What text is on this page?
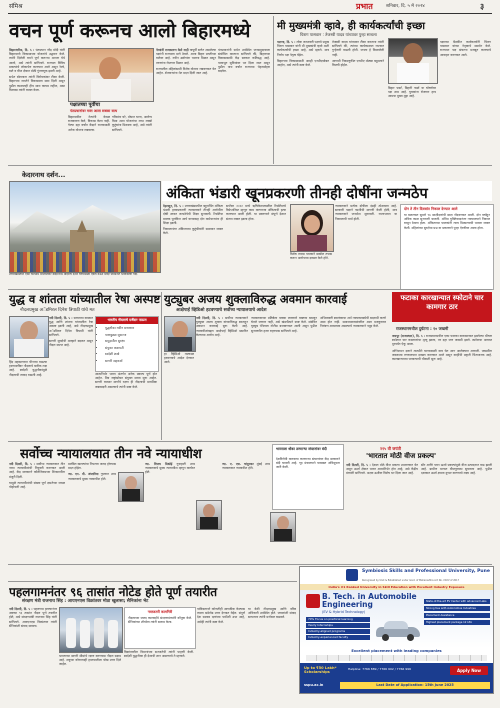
संमिश्र	प्रभात	शनिवार, दि. ५ मे २०२४	३
वचन पूर्ण करूनच आलो बिहारमध्ये

बिहारशरीफ, दि. ५ : पंतप्रधान नरेंद्र मोदी यांनी बिहारमध्ये विकासाच्या योजनांचे उद्घाटन केले. त्यांनी दिलेली वचने पूर्ण करूनच आपण येथे आलो, असे त्यांनी सांगितले. राज्यात विविध प्रकल्पांचे लोकार्पण करण्यात आले असून रेल्वे, रस्ते व वीज क्षेत्रात मोठी गुंतवणूक झाली आहे.

सभेत बोलताना त्यांनी विरोधकांवर टीका केली. बिहारच्या जनतेने विकासाला साथ दिली असून पुढील काळातही हीच साथ कायम राहील, असा विश्वास त्यांनी व्यक्त केला.

पक्षातच्या पूर्वीचा
पंतप्रधानांवर मस्त आला सबका साथ

बिहारमधील नेत्यांनी केवळ राजकारण केले, विकास केला नाही. गेल्या दहा वर्षांत केंद्राने राज्यासाठी अनेक योजना राबवल्या.

गरिबांना घरे, मोफत धान्य, आरोग्य विमा अशा योजनांचा लाभ लाखो कुटुंबांना मिळाला आहे, असे त्यांनी सांगितले.

नेत्यांनी राजकारण केले नाही यापूर्वी सत्तेत असलेल्या पक्षांनी राज्याला मागे ठेवले. आता बिहार प्रगतीच्या वाटेवर आहे. नवीन उद्योगांना चालना मिळत असून तरुणांना रोजगार मिळत आहे.

राज्यातील महिलांसाठी विशेष योजना राबवण्यात येत आहेत. शेतकऱ्यांना थेट मदत दिली जात आहे.

पंतप्रधानांनी सभेत उपस्थित जनसमुदायाला संबोधित करताना सांगितले की, बिहारच्या विकासासाठी केंद्र सरकार कटिबद्ध आहे. पायाभूत सुविधांवर भर दिला जात असून पुढील पाच वर्षांत राज्याचा चेहरामोहरा बदलेल.

मी मुख्यमंत्री व्हावे, ही कार्यकर्त्यांची इच्छा
चिराग पासवान : तेजस्वी यादव यांच्यावर पुन्हा साधला

पाटणा, दि. ५ : लोक जनशक्ती पक्षाचे प्रमुख चिराग पासवान यांनी मी मुख्यमंत्री व्हावे अशी कार्यकर्त्यांची इच्छा आहे, असे म्हटले. मात्र निर्णय पक्ष नेतृत्व घेईल.

बिहारच्या विकासासाठी आम्ही एनडीएसोबत आहोत, असे त्यांनी स्पष्ट केले.

तेजस्वी यादव यांच्यावर टीका करताना त्यांनी सांगितले की, त्यांच्या कार्यकाळात राज्यात गुन्हेगारी वाढली होती. जनता हे विसरलेली नाही.

आगामी निवडणुकीत एनडीए मोठ्या बहुमताने विजयी होईल.

पक्षाच्या बैठकीत कार्यकर्त्यांनी चिराग पासवान यांच्या नेतृत्वाचे समर्थन केले. राज्यभर पक्ष संघटना मजबूत करण्याचे आवाहन करण्यात आले.

बिहार फर्स्ट, बिहारी फर्स्ट या घोषणेवर पक्ष ठाम आहे. युवकांना रोजगार हाच आमचा मुख्य मुद्दा आहे.

केदारनाथ दर्शन...
उत्तराखंडातील एका चारधाम शिलाजीवर केदारनाथ मंदिराचे दर्शन घेण्यासाठी एकत्र येऊन मंदिर परिसरात भाविकांची गर्दी.
अंकिता भंडारी खूनप्रकरणी तीनही दोषींना जन्मठेप

देहरादून, दि. ५ : उत्तराखंडमधील बहुचर्चित अंकिता भंडारी हत्याप्रकरणी न्यायालयाने तीनही आरोपींना दोषी ठरवत जन्मठेपेची शिक्षा सुनावली. रिसॉर्टचा मालक पुलकित आर्य याच्यासह दोन कर्मचाऱ्यांना ही शिक्षा झाली.

निकालानंतर अंकिताच्या कुटुंबीयांनी समाधान व्यक्त केले.

सप्टेंबर २०२२ मध्ये ऋषिकेशजवळील रिसॉर्टमध्ये रिसेप्शनिस्ट म्हणून काम करणाऱ्या अंकिताची हत्या करण्यात आली होती. या प्रकरणाने संपूर्ण देशात संताप व्यक्त झाला होता.

विशेष तपास पथकाने सखोल तपास करून आरोपपत्र दाखल केले होते.

न्यायालयाने प्रत्येक दोषीला दंडही ठोठावला आहे. सरकारी पक्षाने फाशीची मागणी केली होती, मात्र न्यायालयाने जन्मठेप सुनावली. राज्यभरात या निकालाची चर्चा होती.

दोन ते तीन दिवसांत निकाल देण्यात आले

या खटल्यात सुमारे ९७ साक्षीदारांची साक्ष नोंदवण्यात आली. दोन वर्षांहून अधिक काळ सुनावणी चालली. अंतिम युक्तिवादानंतर न्यायालयाने निकाल राखून ठेवला होता. अंकिताच्या पालकांनी न्याय मिळाल्याची भावना व्यक्त केली. महिलांच्या सुरक्षेचा प्रश्न या प्रकरणाने पुन्हा ऐरणीवर आला होता.

युद्ध व शांतता यांच्यातील रेषा अस्पष्ट
नौदलप्रमुख अॅडमिरल दिनेश त्रिपाठी यांचे मत

नवी दिल्ली, दि. ५ : सध्याच्या काळात युद्ध आणि शांतता यांच्यातील रेषा अस्पष्ट झाली आहे, असे नौदलप्रमुख अॅडमिरल दिनेश त्रिपाठी यांनी सांगितले.

सागरी सुरक्षेची आव्हाने बदलत असून नौदल सज्ज आहे.

भारतीय नौदलाचे दर्जेदार पाऊल
• युद्धनौका नवीन बनवणार
• पाणबुड्या सुसज्ज
• समुद्रातील सुरक्षा
• संयुक्त कवायती
• स्वदेशी शस्त्रे
• सागरी सहकार्य

हिंद महासागरात चीनच्या वाढत्या हालचालींवर नौदलाचे बारीक लक्ष आहे. स्वदेशी युद्धनौकांमुळे नौदलाची ताकद वाढली आहे.	आत्मनिर्भर भारत अंतर्गत अनेक प्रकल्प पूर्ण होत आहेत. मित्र राष्ट्रांसोबत संयुक्त सराव सुरू आहेत. सागरी व्यापार मार्गांचे रक्षण ही नौदलाची प्राथमिक जबाबदारी असल्याचे त्यांनी स्पष्ट केले.

युट्युबर अजय शुक्लाविरुद्ध अवमान कारवाई
आक्षेपार्ह व्हिडिओ हटवण्याचे सर्वोच्च न्यायालयाचे आदेश

नवी दिल्ली, दि. ५ : सर्वोच्च न्यायालयाने युट्युबर अजय शुक्ला यांच्याविरुद्ध स्वतःहून अवमान कारवाई सुरू केली आहे. न्यायाधीशांबद्दल आक्षेपार्ह व्हिडिओ प्रसारित केल्याचा आरोप आहे.

हा व्हिडिओ तात्काळ हटवण्याचे आदेश देण्यात आले.

न्यायालयाच्या प्रतिष्ठेला धक्का लावणारे वक्तव्य खपवून घेतले जाणार नाही, असे खंडपीठाने स्पष्ट केले. संबंधित यूट्युब चॅनेलला नोटीस बजावण्यात आली असून पुढील सुनावणीत हजर राहण्यास सांगितले आहे.

अभिव्यक्ती स्वातंत्र्याचा अर्थ न्यायव्यवस्थेची बदनामी करणे असा होत नाही. समाजमाध्यमांवरील अशा मजकुरावर नियंत्रण आवश्यक असल्याचे न्यायालयाने नमूद केले.

फटाका कारखान्यात स्फोटाने चार कामगार ठार
राजस्थानमधील दुर्घटना : १० जखमी

जयपूर (राजस्थान), दि. ५ : राजस्थानमधील एका फटाका कारखान्यात झालेल्या भीषण स्फोटात चार कामगारांचा मृत्यू झाला, तर दहा जण जखमी झाले. स्फोटाचा आवाज दूरपर्यंत ऐकू आला.

अग्निशमन दलाने तातडीने घटनास्थळी धाव घेत आग आटोक्यात आणली. जखमींना जवळच्या रुग्णालयात दाखल करण्यात आले असून काहींची प्रकृती चिंताजनक आहे. कारखान्याच्या परवान्याची चौकशी सुरू आहे.

सर्वोच्च न्यायालयात तीन नवे न्यायाधीश

नवी दिल्ली, दि. ५ : सर्वोच्च न्यायालयात तीन नव्या न्यायाधीशांची नियुक्ती करण्यात आली आहे. केंद्र सरकारने कॉलेजियमच्या शिफारशींना मंजुरी दिली.

यामुळे न्यायाधीशांची संख्या पूर्ण क्षमतेच्या जवळ पोहोचली आहे.

प्रलंबित खटल्यांचा निपटारा जलद होण्यास मदत होईल.

न्या. एन. वी. अंजारिया गुजरात उच्च न्यायालयाचे मुख्य न्यायाधीश होते.

न्या. विजय बिश्नोई गुवाहाटी उच्च न्यायालयाचे मुख्य न्यायाधीश म्हणून कार्यरत होते.

न्या. ए. एस. चांदुरकर मुंबई उच्च न्यायालयात न्यायाधीश होते.

भारताला धोका ठरणाऱ्या संघटनांवर बंदी

देशविरोधी कारवाया करणाऱ्या संघटनांवर केंद्र सरकारने बंदी घातली आहे. गृह मंत्रालयाने याबाबत अधिसूचना जारी केली.

२१५ वी जयंती
'भारतात मोठी वीज प्रकल्प'

नवी दिल्ली, दि. ५ : देशात मोठे वीज प्रकल्प उभारण्यात येत असून ऊर्जा क्षेत्रात भारत आत्मनिर्भर होत आहे, असे केंद्रीय मंत्र्यांनी सांगितले. अक्षय ऊर्जेवर विशेष भर दिला जात आहे.

सौर आणि पवन ऊर्जा प्रकल्पांमुळे वीज उत्पादनात वाढ झाली आहे. ग्रामीण भागात वीजपुरवठा सुधारला आहे. पुढील दशकात ऊर्जा क्षमता दुप्पट करण्याचे लक्ष्य आहे.

Symbiosis Skills and Professional University, Pune
Recognised by UGC & Established under Govt. of Maharashtra Act No. XXXV of 2017
India's #1 Ranked University in Skill Education with Excellent Industry Exposure
B. Tech. in Automobile Engineering
(EV & Hybrid Technology)
70% Focus on practical learning
Yearly Internships
Industry-aligned programs
Industry-experienced faculty
State-of-the-art EV Center with advanced Labs
Strong ties with Automotive Industries
Placement Assistance
Highest placement package 12 LPA
Excellent placement with leading companies
Up to ₹50 Lakh* Scholarships	Apply Now
Helpline: 7766 889 / 7766 902 / 7766 996
sspu.ac.in	Last Date of Application: 15th June 2025
पहलगामनंतर ९६ तासांत नोटेड होते पूर्ण तयारीत
संरक्षण मंत्री राजनाथ सिंह : आयएनएस विक्रांतवर मोठा खुलासा; सैनिकांना भेट

नवी दिल्ली, दि. ५ : पहलगाम हल्ल्यानंतर अवघ्या ९६ तासांत नौदल पूर्ण तयारीत होते, असे संरक्षणमंत्री राजनाथ सिंह यांनी सांगितले. आयएनएस विक्रांतवर त्यांनी सैनिकांशी संवाद साधला.

भारताच्या सागरी सीमांचे रक्षण करण्यास नौदल सक्षम आहे. शत्रूच्या कोणत्याही हालचालीला चोख उत्तर दिले जाईल.

नवाजतरी कामगिरी

नौदलाच्या जलद कारवाईचे संरक्षणमंत्र्यांनी कौतुक केले. सैनिकांच्या शौर्याला त्यांनी सलाम केला.

विक्रांतवरील विमानांच्या सज्जतेची त्यांनी पाहणी केली. स्वदेशी युद्धनौका ही देशाची शान असल्याचे ते म्हणाले.

पाकिस्तानने कोणतीही आगळीक केल्यास त्याला सडेतोड उत्तर देण्यात येईल. संपूर्ण देश सशस्त्र दलांच्या पाठीशी उभा आहे, असेही त्यांनी स्पष्ट केले.

या वेळी नौदलप्रमुख आणि वरिष्ठ अधिकारी उपस्थित होते. जवानांशी संवाद साधताना त्यांनी मनोबल वाढवले.
